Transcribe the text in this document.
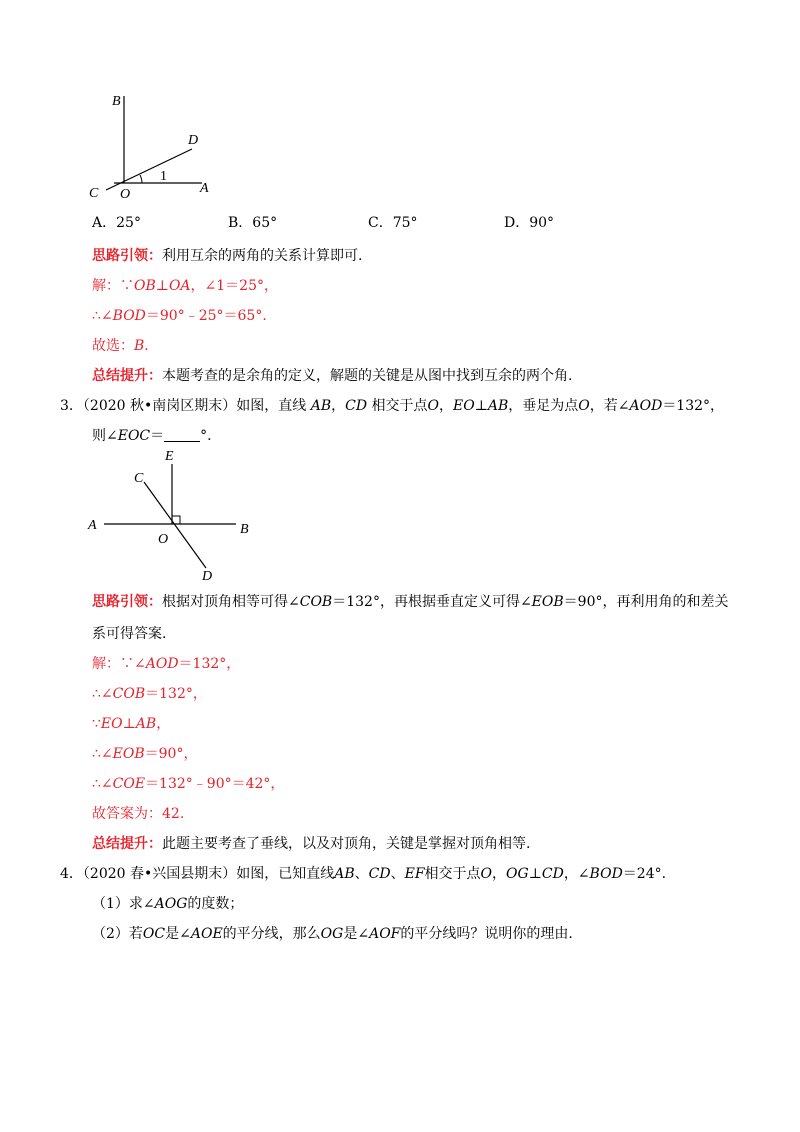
B
D
C O	A
1
A．25°	B．65°	C．75°	D．90°
思路引领：利用互余的两角的关系计算即可.
解：∵OB⊥OA，∠1＝25°，
∴∠BOD＝90°﹣25°＝65°.
故选：B.
总结提升：本题考查的是余角的定义，解题的关键是从图中找到互余的两个角.
3．（2020 秋•南岗区期末）如图，直线 AB，CD 相交于点O，EO⊥AB，垂足为点O，若∠AOD＝132°，
则∠EOC＝	°.
E
C
A
O
B
D
思路引领：根据对顶角相等可得∠COB＝132°，再根据垂直定义可得∠EOB＝90°，再利用角的和差关
系可得答案.
解：∵∠AOD＝132°，
∴∠COB＝132°，
∵EO⊥AB，
∴∠EOB＝90°，
∴∠COE＝132°﹣90°＝42°，
故答案为：42.
总结提升：此题主要考查了垂线，以及对顶角，关键是掌握对顶角相等.
4．（2020 春•兴国县期末）如图，已知直线AB、CD、EF相交于点O，OG⊥CD，∠BOD＝24°.
（1）求∠AOG的度数；
（2）若OC是∠AOE的平分线，那么OG是∠AOF的平分线吗？说明你的理由.
